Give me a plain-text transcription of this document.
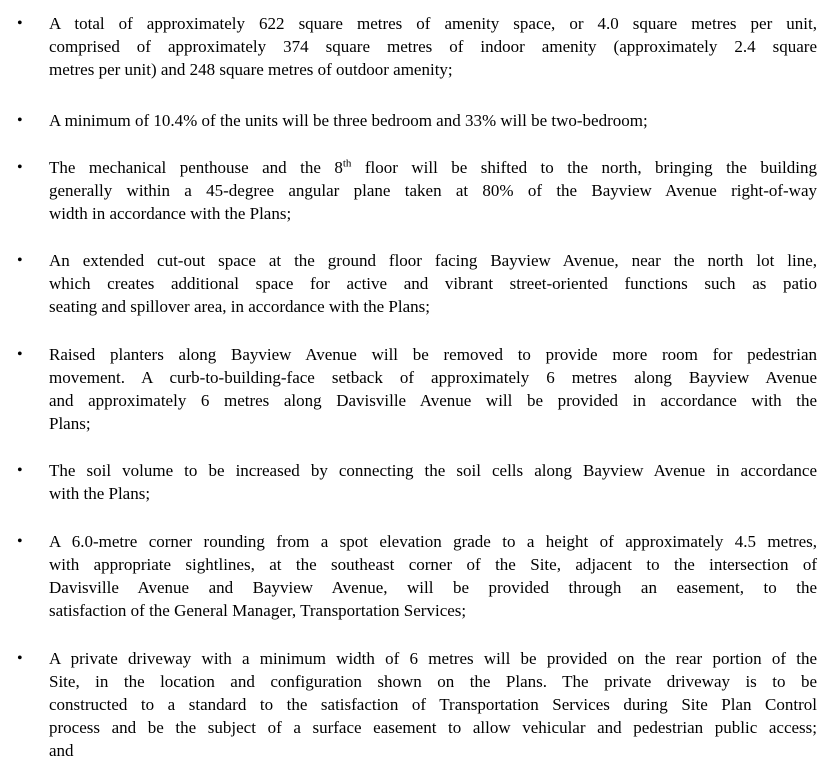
• A total of approximately 622 square metres of amenity space, or 4.0 square metres per unit,
comprised of approximately 374 square metres of indoor amenity (approximately 2.4 square
metres per unit) and 248 square metres of outdoor amenity;
• A minimum of 10.4% of the units will be three bedroom and 33% will be two-bedroom;
• The mechanical penthouse and the 8th floor will be shifted to the north, bringing the building
generally within a 45-degree angular plane taken at 80% of the Bayview Avenue right-of-way
width in accordance with the Plans;
• An extended cut-out space at the ground floor facing Bayview Avenue, near the north lot line,
which creates additional space for active and vibrant street-oriented functions such as patio
seating and spillover area, in accordance with the Plans;
• Raised planters along Bayview Avenue will be removed to provide more room for pedestrian
movement. A curb-to-building-face setback of approximately 6 metres along Bayview Avenue
and approximately 6 metres along Davisville Avenue will be provided in accordance with the
Plans;
• The soil volume to be increased by connecting the soil cells along Bayview Avenue in accordance
with the Plans;
• A 6.0-metre corner rounding from a spot elevation grade to a height of approximately 4.5 metres,
with appropriate sightlines, at the southeast corner of the Site, adjacent to the intersection of
Davisville Avenue and Bayview Avenue, will be provided through an easement, to the
satisfaction of the General Manager, Transportation Services;
• A private driveway with a minimum width of 6 metres will be provided on the rear portion of the
Site, in the location and configuration shown on the Plans. The private driveway is to be
constructed to a standard to the satisfaction of Transportation Services during Site Plan Control
process and be the subject of a surface easement to allow vehicular and pedestrian public access;
and
